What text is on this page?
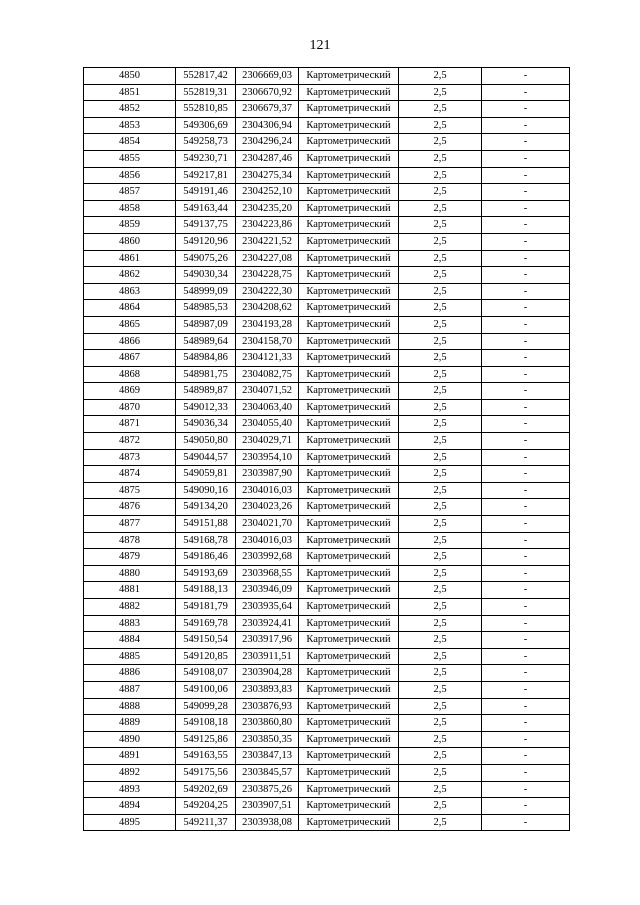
121
4850	552817,42	2306669,03	Картометрический	2,5	-
4851	552819,31	2306670,92	Картометрический	2,5	-
4852	552810,85	2306679,37	Картометрический	2,5	-
4853	549306,69	2304306,94	Картометрический	2,5	-
4854	549258,73	2304296,24	Картометрический	2,5	-
4855	549230,71	2304287,46	Картометрический	2,5	-
4856	549217,81	2304275,34	Картометрический	2,5	-
4857	549191,46	2304252,10	Картометрический	2,5	-
4858	549163,44	2304235,20	Картометрический	2,5	-
4859	549137,75	2304223,86	Картометрический	2,5	-
4860	549120,96	2304221,52	Картометрический	2,5	-
4861	549075,26	2304227,08	Картометрический	2,5	-
4862	549030,34	2304228,75	Картометрический	2,5	-
4863	548999,09	2304222,30	Картометрический	2,5	-
4864	548985,53	2304208,62	Картометрический	2,5	-
4865	548987,09	2304193,28	Картометрический	2,5	-
4866	548989,64	2304158,70	Картометрический	2,5	-
4867	548984,86	2304121,33	Картометрический	2,5	-
4868	548981,75	2304082,75	Картометрический	2,5	-
4869	548989,87	2304071,52	Картометрический	2,5	-
4870	549012,33	2304063,40	Картометрический	2,5	-
4871	549036,34	2304055,40	Картометрический	2,5	-
4872	549050,80	2304029,71	Картометрический	2,5	-
4873	549044,57	2303954,10	Картометрический	2,5	-
4874	549059,81	2303987,90	Картометрический	2,5	-
4875	549090,16	2304016,03	Картометрический	2,5	-
4876	549134,20	2304023,26	Картометрический	2,5	-
4877	549151,88	2304021,70	Картометрический	2,5	-
4878	549168,78	2304016,03	Картометрический	2,5	-
4879	549186,46	2303992,68	Картометрический	2,5	-
4880	549193,69	2303968,55	Картометрический	2,5	-
4881	549188,13	2303946,09	Картометрический	2,5	-
4882	549181,79	2303935,64	Картометрический	2,5	-
4883	549169,78	2303924,41	Картометрический	2,5	-
4884	549150,54	2303917,96	Картометрический	2,5	-
4885	549120,85	2303911,51	Картометрический	2,5	-
4886	549108,07	2303904,28	Картометрический	2,5	-
4887	549100,06	2303893,83	Картометрический	2,5	-
4888	549099,28	2303876,93	Картометрический	2,5	-
4889	549108,18	2303860,80	Картометрический	2,5	-
4890	549125,86	2303850,35	Картометрический	2,5	-
4891	549163,55	2303847,13	Картометрический	2,5	-
4892	549175,56	2303845,57	Картометрический	2,5	-
4893	549202,69	2303875,26	Картометрический	2,5	-
4894	549204,25	2303907,51	Картометрический	2,5	-
4895	549211,37	2303938,08	Картометрический	2,5	-
